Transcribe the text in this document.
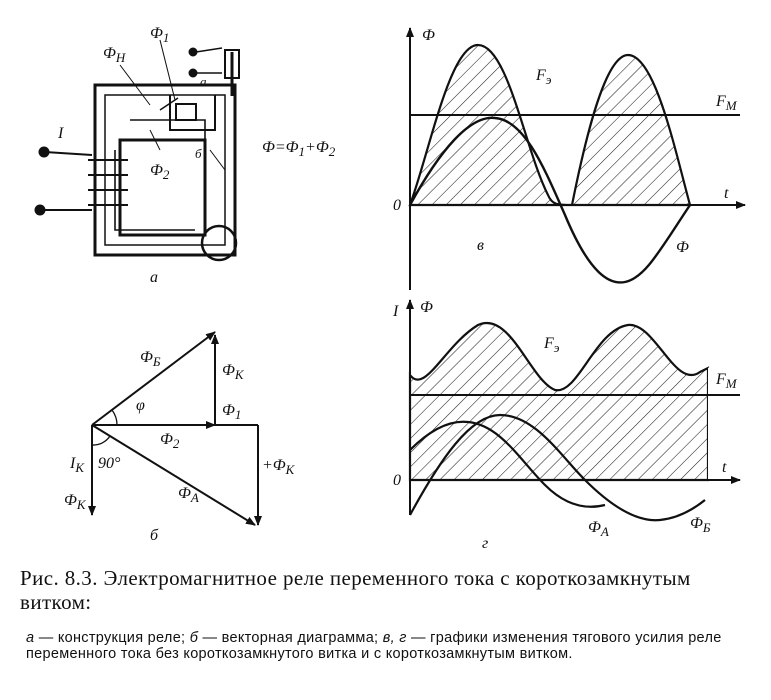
$Ф_Н$
$Ф_1$
$Ф_2$
$Ф=Ф_1+Ф_2$
I
б
а
а
$Ф_Б$
$Ф_К$
$Ф_1$
$Ф_2$
$Ф_А$
$+Ф_К$
φ
90°
$I_К$
$Ф_К$
б
Ф
t
0
$F_э$
$F_М$
Ф
в
I Ф
t
0
$F_э$
$F_М$
$Ф_А$	$Ф_Б$
г
Рис. 8.3. Электромагнитное реле переменного тока с короткозамкнутым витком:
а — конструкция реле; б — векторная диаграмма; в, г — графики изменения тягового усилия реле переменного тока без короткозамкнутого витка и с короткозамкнутым витком.
